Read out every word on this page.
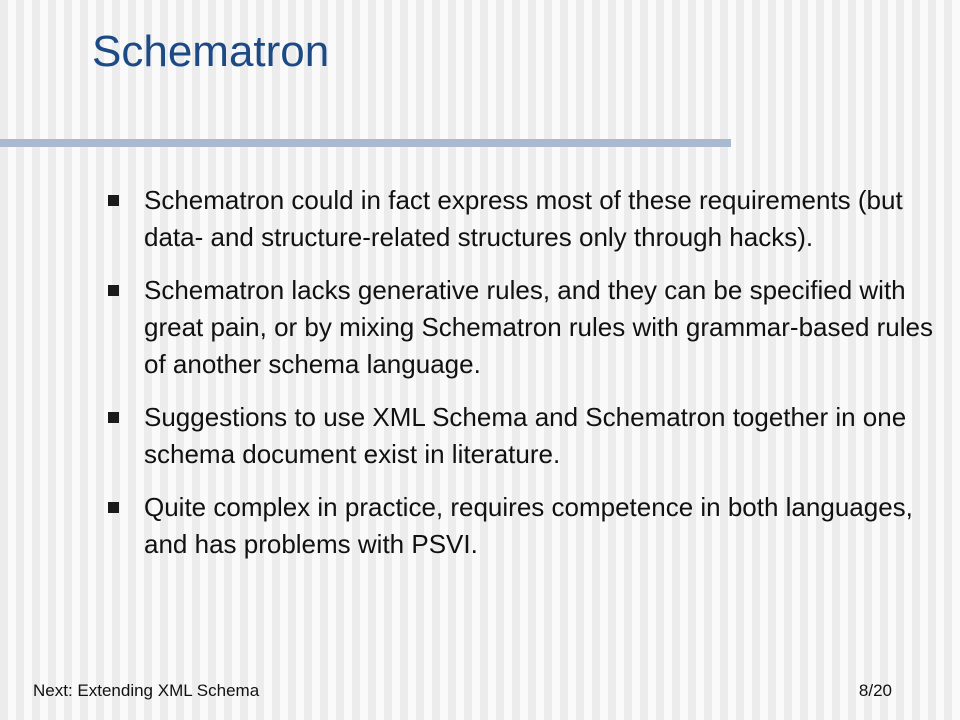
Schematron
Schematron could in fact express most of these requirements (but data- and structure-related structures only through hacks).
Schematron lacks generative rules, and they can be specified with great pain, or by mixing Schematron rules with grammar-based rules of another schema language.
Suggestions to use XML Schema and Schematron together in one schema document exist in literature.
Quite complex in practice, requires competence in both languages, and has problems with PSVI.
Next: Extending XML Schema	8/20
